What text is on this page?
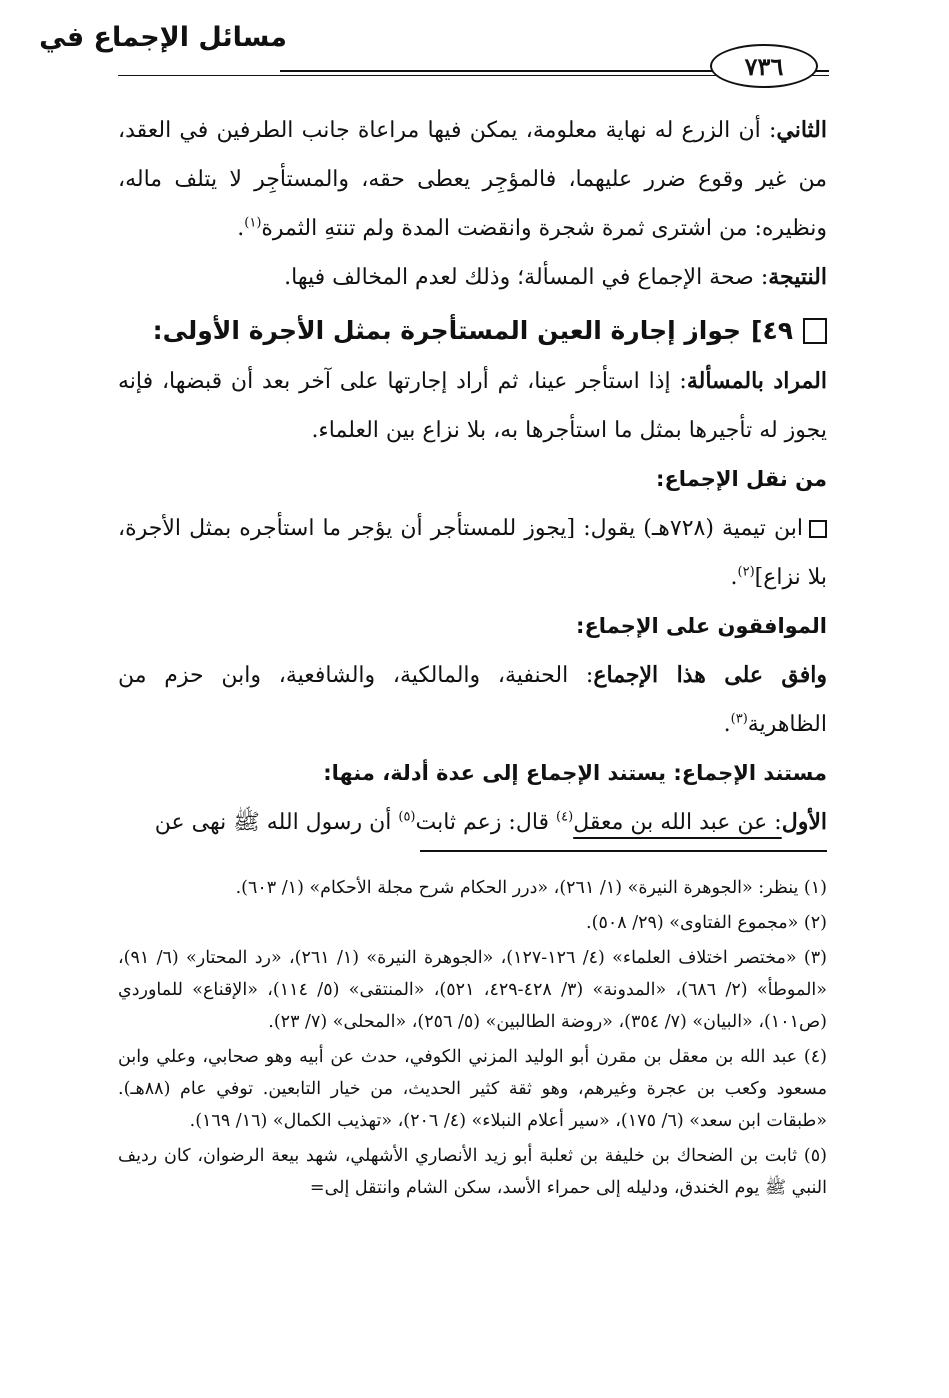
مسائل الإجماع في
٧٣٦

الثاني: أن الزرع له نهاية معلومة، يمكن فيها مراعاة جانب الطرفين في العقد، من غير وقوع ضرر عليهما، فالمؤجِر يعطى حقه، والمستأجِر لا يتلف ماله، ونظيره: من اشترى ثمرة شجرة وانقضت المدة ولم تنتهِ الثمرة$^{(١)}$.

النتيجة: صحة الإجماع في المسألة؛ وذلك لعدم المخالف فيها.

٤٩]
جواز إجارة العين المستأجرة بمثل الأجرة الأولى:

المراد بالمسألة: إذا استأجر عينا، ثم أراد إجارتها على آخر بعد أن قبضها، فإنه يجوز له تأجيرها بمثل ما استأجرها به، بلا نزاع بين العلماء.

من نقل الإجماع:

ابن تيمية (٧٢٨هـ) يقول: [يجوز للمستأجر أن يؤجر ما استأجره بمثل الأجرة، بلا نزاع]$^{(٢)}$.

الموافقون على الإجماع:

وافق على هذا الإجماع: الحنفية، والمالكية، والشافعية، وابن حزم من الظاهرية$^{(٣)}$.

مستند الإجماع: يستند الإجماع إلى عدة أدلة، منها:

الأول: عن عبد الله بن معقل$^{(٤)}$ قال: زعم ثابت$^{(٥)}$ أن رسول الله ﷺ نهى عن

(١) ينظر: «الجوهرة النيرة» (١/ ٢٦١)، «درر الحكام شرح مجلة الأحكام» (١/ ٦٠٣).

(٢) «مجموع الفتاوى» (٢٩/ ٥٠٨).

(٣) «مختصر اختلاف العلماء» (٤/ ١٢٦-١٢٧)، «الجوهرة النيرة» (١/ ٢٦١)، «رد المحتار» (٦/ ٩١)، «الموطأ» (٢/ ٦٨٦)، «المدونة» (٣/ ٤٢٨-٤٢٩، ٥٢١)، «المنتقى» (٥/ ١١٤)، «الإقناع» للماوردي (ص١٠١)، «البيان» (٧/ ٣٥٤)، «روضة الطالبين» (٥/ ٢٥٦)، «المحلى» (٧/ ٢٣).

(٤) عبد الله بن معقل بن مقرن أبو الوليد المزني الكوفي، حدث عن أبيه وهو صحابي، وعلي وابن مسعود وكعب بن عجرة وغيرهم، وهو ثقة كثير الحديث، من خيار التابعين. توفي عام (٨٨هـ). «طبقات ابن سعد» (٦/ ١٧٥)، «سير أعلام النبلاء» (٤/ ٢٠٦)، «تهذيب الكمال» (١٦/ ١٦٩).

(٥) ثابت بن الضحاك بن خليفة بن ثعلبة أبو زيد الأنصاري الأشهلي، شهد بيعة الرضوان، كان رديف النبي ﷺ يوم الخندق، ودليله إلى حمراء الأسد، سكن الشام وانتقل إلى=
